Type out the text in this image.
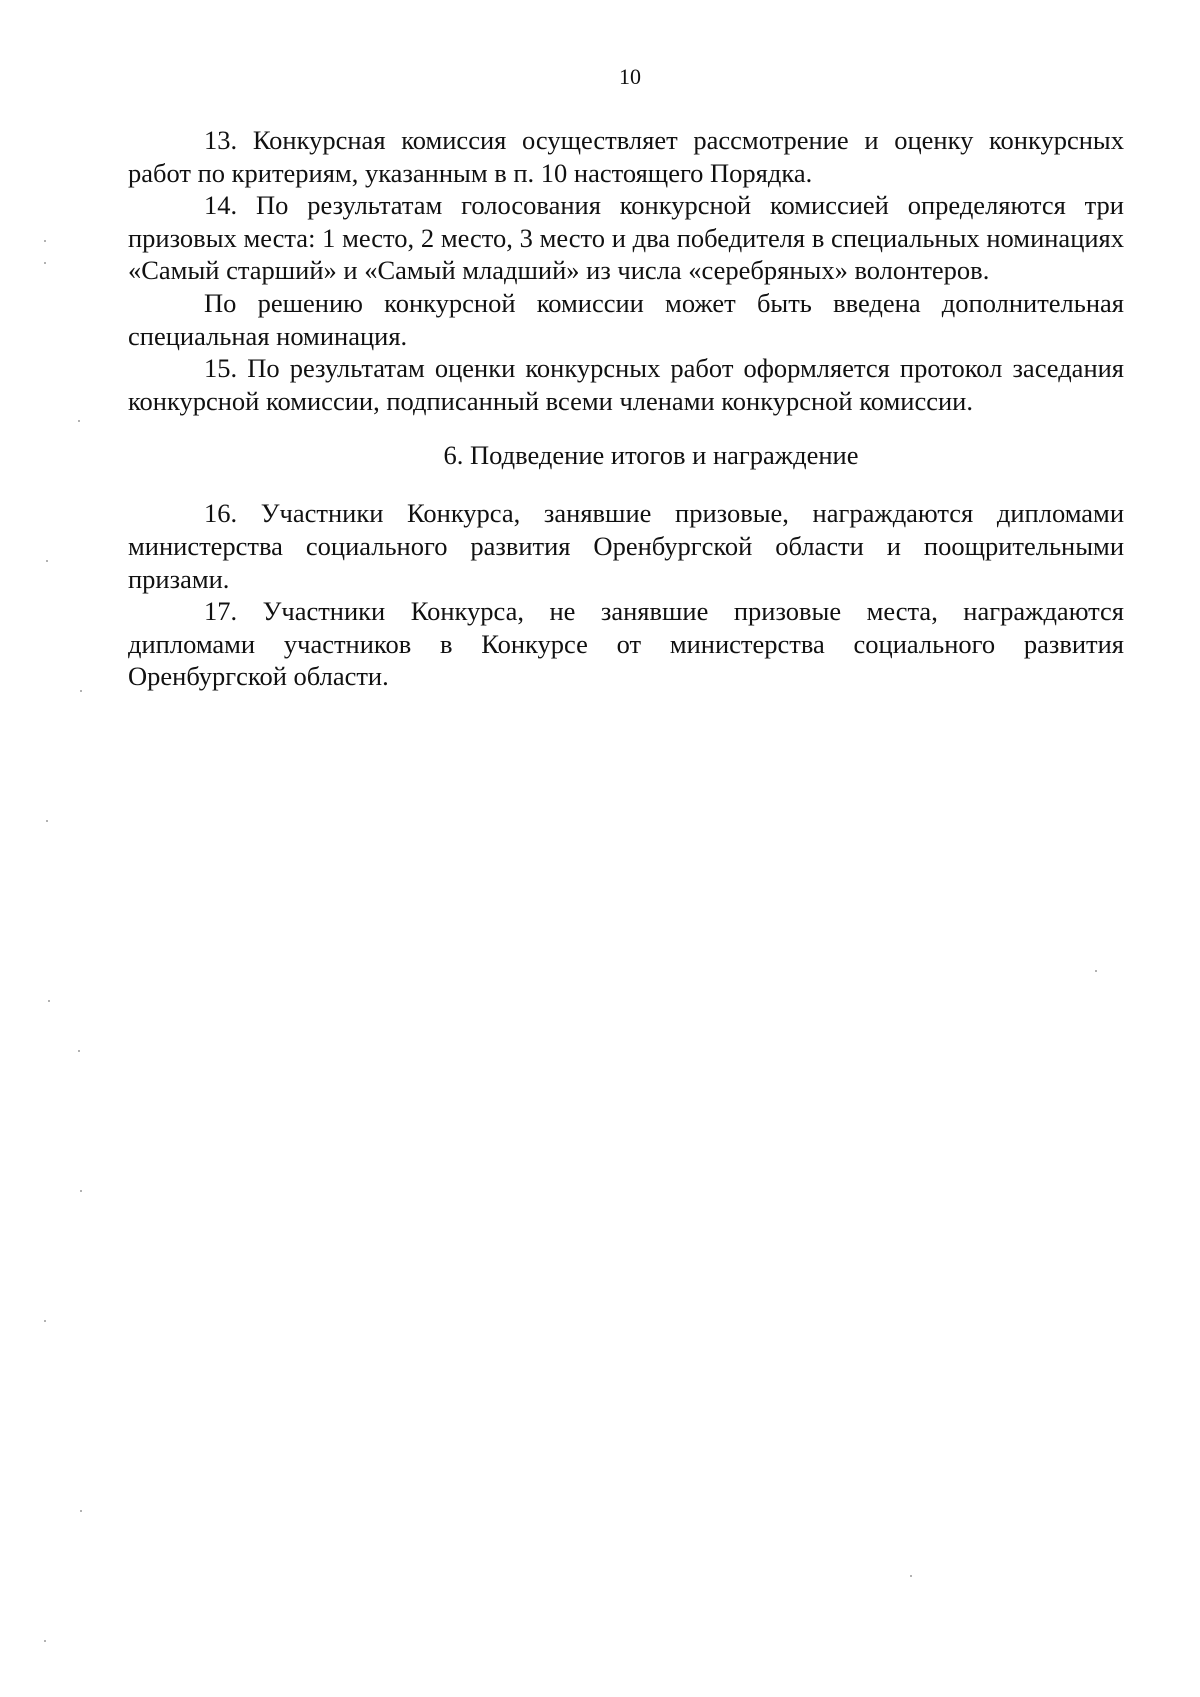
10

13. Конкурсная комиссия осуществляет рассмотрение и оценку конкурсных работ по критериям, указанным в п. 10 настоящего Порядка.

14. По результатам голосования конкурсной комиссией определяются три призовых места: 1 место, 2 место, 3 место и два победителя в специальных номинациях «Самый старший» и «Самый младший» из числа «серебряных» волонтеров.

По решению конкурсной комиссии может быть введена дополнительная специальная номинация.

15. По результатам оценки конкурсных работ оформляется протокол заседания конкурсной комиссии, подписанный всеми членами конкурсной комиссии.

6. Подведение итогов и награждение

16. Участники Конкурса, занявшие призовые, награждаются дипломами министерства социального развития Оренбургской области и поощрительными призами.

17. Участники Конкурса, не занявшие призовые места, награждаются дипломами участников в Конкурсе от министерства социального развития Оренбургской области.
